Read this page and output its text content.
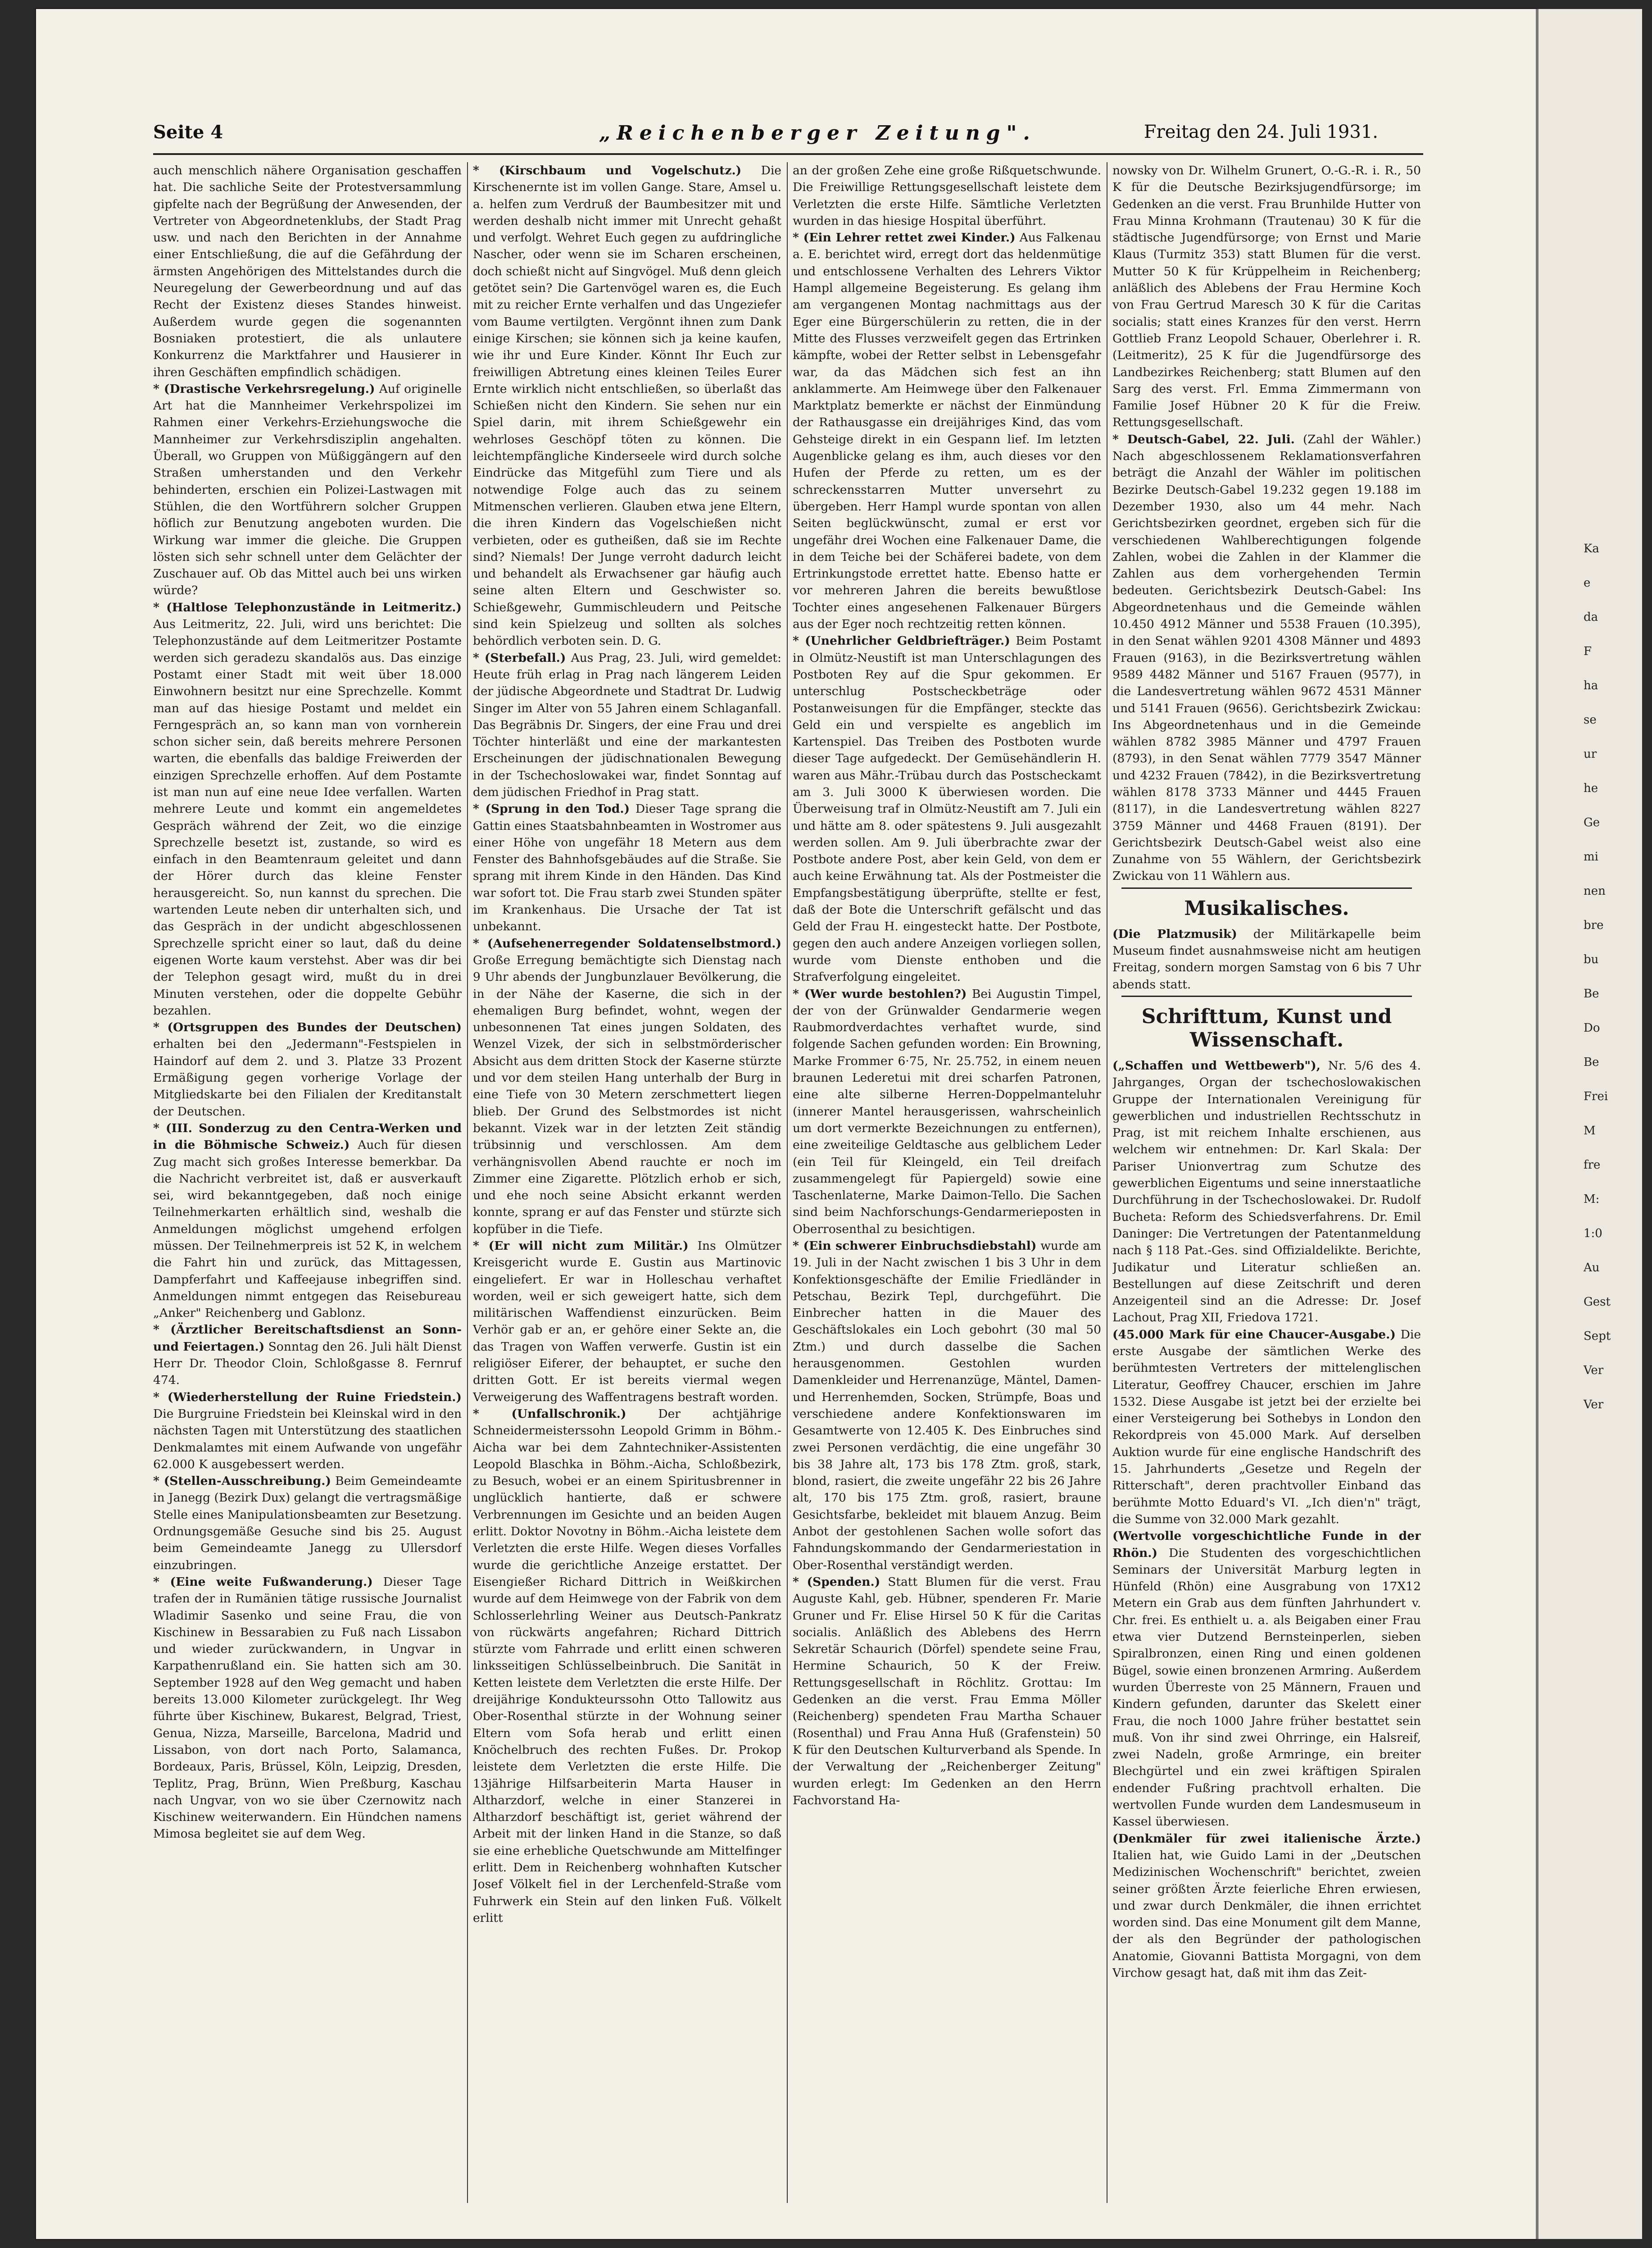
Seite 4	„Reichenberger Zeitung".	Freitag den 24. Juli 1931.

auch menschlich nähere Organisation geschaffen hat. Die sachliche Seite der Protestversammlung gipfelte nach der Begrüßung der Anwesenden, der Vertreter von Abgeordnetenklubs, der Stadt Prag usw. und nach den Berichten in der Annahme einer Entschließung, die auf die Gefährdung der ärmsten Angehörigen des Mittelstandes durch die Neuregelung der Gewerbeordnung und auf das Recht der Existenz dieses Standes hinweist. Außerdem wurde gegen die sogenannten Bosniaken protestiert, die als unlautere Konkurrenz die Marktfahrer und Hausierer in ihren Geschäften empfindlich schädigen.

* (Drastische Verkehrsregelung.) Auf originelle Art hat die Mannheimer Verkehrspolizei im Rahmen einer Verkehrs-Erziehungswoche die Mannheimer zur Verkehrsdisziplin angehalten. Überall, wo Gruppen von Müßiggängern auf den Straßen umherstanden und den Verkehr behinderten, erschien ein Polizei-Lastwagen mit Stühlen, die den Wortführern solcher Gruppen höflich zur Benutzung angeboten wurden. Die Wirkung war immer die gleiche. Die Gruppen lösten sich sehr schnell unter dem Gelächter der Zuschauer auf. Ob das Mittel auch bei uns wirken würde?

* (Haltlose Telephonzustände in Leitmeritz.) Aus Leitmeritz, 22. Juli, wird uns berichtet: Die Telephonzustände auf dem Leitmeritzer Postamte werden sich geradezu skandalös aus. Das einzige Postamt einer Stadt mit weit über 18.000 Einwohnern besitzt nur eine Sprechzelle. Kommt man auf das hiesige Postamt und meldet ein Ferngespräch an, so kann man von vornherein schon sicher sein, daß bereits mehrere Personen warten, die ebenfalls das baldige Freiwerden der einzigen Sprechzelle erhoffen. Auf dem Postamte ist man nun auf eine neue Idee verfallen. Warten mehrere Leute und kommt ein angemeldetes Gespräch während der Zeit, wo die einzige Sprechzelle besetzt ist, zustande, so wird es einfach in den Beamtenraum geleitet und dann der Hörer durch das kleine Fenster herausgereicht. So, nun kannst du sprechen. Die wartenden Leute neben dir unterhalten sich, und das Gespräch in der undicht abgeschlossenen Sprechzelle spricht einer so laut, daß du deine eigenen Worte kaum verstehst. Aber was dir bei der Telephon gesagt wird, mußt du in drei Minuten verstehen, oder die doppelte Gebühr bezahlen.

* (Ortsgruppen des Bundes der Deutschen) erhalten bei den „Jedermann"-Festspielen in Haindorf auf dem 2. und 3. Platze 33 Prozent Ermäßigung gegen vorherige Vorlage der Mitgliedskarte bei den Filialen der Kreditanstalt der Deutschen.

* (III. Sonderzug zu den Centra-Werken und in die Böhmische Schweiz.) Auch für diesen Zug macht sich großes Interesse bemerkbar. Da die Nachricht verbreitet ist, daß er ausverkauft sei, wird bekanntgegeben, daß noch einige Teilnehmerkarten erhältlich sind, weshalb die Anmeldungen möglichst umgehend erfolgen müssen. Der Teilnehmerpreis ist 52 K, in welchem die Fahrt hin und zurück, das Mittagessen, Dampferfahrt und Kaffeejause inbegriffen sind. Anmeldungen nimmt entgegen das Reisebureau „Anker" Reichenberg und Gablonz.

* (Ärztlicher Bereitschaftsdienst an Sonn- und Feiertagen.) Sonntag den 26. Juli hält Dienst Herr Dr. Theodor Cloin, Schloßgasse 8. Fernruf 474.

* (Wiederherstellung der Ruine Friedstein.) Die Burgruine Friedstein bei Kleinskal wird in den nächsten Tagen mit Unterstützung des staatlichen Denkmalamtes mit einem Aufwande von ungefähr 62.000 K ausgebessert werden.

* (Stellen-Ausschreibung.) Beim Gemeindeamte in Janegg (Bezirk Dux) gelangt die vertragsmäßige Stelle eines Manipulationsbeamten zur Besetzung. Ordnungsgemäße Gesuche sind bis 25. August beim Gemeindeamte Janegg zu Ullersdorf einzubringen.

* (Eine weite Fußwanderung.) Dieser Tage trafen der in Rumänien tätige russische Journalist Wladimir Sasenko und seine Frau, die von Kischinew in Bessarabien zu Fuß nach Lissabon und wieder zurückwandern, in Ungvar in Karpathenrußland ein. Sie hatten sich am 30. September 1928 auf den Weg gemacht und haben bereits 13.000 Kilometer zurückgelegt. Ihr Weg führte über Kischinew, Bukarest, Belgrad, Triest, Genua, Nizza, Marseille, Barcelona, Madrid und Lissabon, von dort nach Porto, Salamanca, Bordeaux, Paris, Brüssel, Köln, Leipzig, Dresden, Teplitz, Prag, Brünn, Wien Preßburg, Kaschau nach Ungvar, von wo sie über Czernowitz nach Kischinew weiterwandern. Ein Hündchen namens Mimosa begleitet sie auf dem Weg.

* (Kirschbaum und Vogelschutz.) Die Kirschenernte ist im vollen Gange. Stare, Amsel u. a. helfen zum Verdruß der Baumbesitzer mit und werden deshalb nicht immer mit Unrecht gehaßt und verfolgt. Wehret Euch gegen zu aufdringliche Nascher, oder wenn sie im Scharen erscheinen, doch schießt nicht auf Singvögel. Muß denn gleich getötet sein? Die Gartenvögel waren es, die Euch mit zu reicher Ernte verhalfen und das Ungeziefer vom Baume vertilgten. Vergönnt ihnen zum Dank einige Kirschen; sie können sich ja keine kaufen, wie ihr und Eure Kinder. Könnt Ihr Euch zur freiwilligen Abtretung eines kleinen Teiles Eurer Ernte wirklich nicht entschließen, so überlaßt das Schießen nicht den Kindern. Sie sehen nur ein Spiel darin, mit ihrem Schießgewehr ein wehrloses Geschöpf töten zu können. Die leichtempfängliche Kinderseele wird durch solche Eindrücke das Mitgefühl zum Tiere und als notwendige Folge auch das zu seinem Mitmenschen verlieren. Glauben etwa jene Eltern, die ihren Kindern das Vogelschießen nicht verbieten, oder es gutheißen, daß sie im Rechte sind? Niemals! Der Junge verroht dadurch leicht und behandelt als Erwachsener gar häufig auch seine alten Eltern und Geschwister so. Schießgewehr, Gummischleudern und Peitsche sind kein Spielzeug und sollten als solches behördlich verboten sein. D. G.

* (Sterbefall.) Aus Prag, 23. Juli, wird gemeldet: Heute früh erlag in Prag nach längerem Leiden der jüdische Abgeordnete und Stadtrat Dr. Ludwig Singer im Alter von 55 Jahren einem Schlaganfall. Das Begräbnis Dr. Singers, der eine Frau und drei Töchter hinterläßt und eine der markantesten Erscheinungen der jüdischnationalen Bewegung in der Tschechoslowakei war, findet Sonntag auf dem jüdischen Friedhof in Prag statt.

* (Sprung in den Tod.) Dieser Tage sprang die Gattin eines Staatsbahnbeamten in Wostromer aus einer Höhe von ungefähr 18 Metern aus dem Fenster des Bahnhofsgebäudes auf die Straße. Sie sprang mit ihrem Kinde in den Händen. Das Kind war sofort tot. Die Frau starb zwei Stunden später im Krankenhaus. Die Ursache der Tat ist unbekannt.

* (Aufsehenerregender Soldatenselbstmord.) Große Erregung bemächtigte sich Dienstag nach 9 Uhr abends der Jungbunzlauer Bevölkerung, die in der Nähe der Kaserne, die sich in der ehemaligen Burg befindet, wohnt, wegen der unbesonnenen Tat eines jungen Soldaten, des Wenzel Vizek, der sich in selbstmörderischer Absicht aus dem dritten Stock der Kaserne stürzte und vor dem steilen Hang unterhalb der Burg in eine Tiefe von 30 Metern zerschmettert liegen blieb. Der Grund des Selbstmordes ist nicht bekannt. Vizek war in der letzten Zeit ständig trübsinnig und verschlossen. Am dem verhängnisvollen Abend rauchte er noch im Zimmer eine Zigarette. Plötzlich erhob er sich, und ehe noch seine Absicht erkannt werden konnte, sprang er auf das Fenster und stürzte sich kopfüber in die Tiefe.

* (Er will nicht zum Militär.) Ins Olmützer Kreisgericht wurde E. Gustin aus Martinovic eingeliefert. Er war in Holleschau verhaftet worden, weil er sich geweigert hatte, sich dem militärischen Waffendienst einzurücken. Beim Verhör gab er an, er gehöre einer Sekte an, die das Tragen von Waffen verwerfe. Gustin ist ein religiöser Eiferer, der behauptet, er suche den dritten Gott. Er ist bereits viermal wegen Verweigerung des Waffentragens bestraft worden.

* (Unfallschronik.)	Der achtjährige Schneidermeisterssohn Leopold Grimm in Böhm.-Aicha war bei dem Zahntechniker-Assistenten Leopold Blaschka in Böhm.-Aicha, Schloßbezirk, zu Besuch, wobei er an einem Spiritusbrenner in unglücklich hantierte, daß er schwere Verbrennungen im Gesichte und an beiden Augen erlitt. Doktor Novotny in Böhm.-Aicha leistete dem Verletzten die erste Hilfe. Wegen dieses Vorfalles wurde die gerichtliche Anzeige erstattet. Der Eisengießer Richard Dittrich in Weißkirchen wurde auf dem Heimwege von der Fabrik von dem Schlosserlehrling Weiner aus Deutsch-Pankratz von rückwärts angefahren; Richard Dittrich stürzte vom Fahrrade und erlitt einen schweren linksseitigen Schlüsselbeinbruch. Die Sanität in Ketten leistete dem Verletzten die erste Hilfe. Der dreijährige Kondukteurssohn Otto Tallowitz aus Ober-Rosenthal stürzte in der Wohnung seiner Eltern vom Sofa herab und erlitt einen Knöchelbruch des rechten Fußes. Dr. Prokop leistete dem Verletzten die erste Hilfe. Die 13jährige Hilfsarbeiterin Marta Hauser in Altharzdorf, welche in einer Stanzerei in Altharzdorf beschäftigt ist, geriet während der Arbeit mit der linken Hand in die Stanze, so daß sie eine erhebliche Quetschwunde am Mittelfinger erlitt. Dem in Reichenberg wohnhaften Kutscher Josef Völkelt fiel in der Lerchenfeld-Straße vom Fuhrwerk ein Stein auf den linken Fuß. Völkelt erlitt

an der großen Zehe eine große Rißquetschwunde. Die Freiwillige Rettungsgesellschaft leistete dem Verletzten die erste Hilfe. Sämtliche Verletzten wurden in das hiesige Hospital überführt.

* (Ein Lehrer rettet zwei Kinder.) Aus Falkenau a. E. berichtet wird, erregt dort das heldenmütige und entschlossene Verhalten des Lehrers Viktor Hampl allgemeine Begeisterung. Es gelang ihm am vergangenen Montag nachmittags aus der Eger eine Bürgerschülerin zu retten, die in der Mitte des Flusses verzweifelt gegen das Ertrinken kämpfte, wobei der Retter selbst in Lebensgefahr war, da das Mädchen sich fest an ihn anklammerte. Am Heimwege über den Falkenauer Marktplatz bemerkte er nächst der Einmündung der Rathausgasse ein dreijähriges Kind, das vom Gehsteige direkt in ein Gespann lief. Im letzten Augenblicke gelang es ihm, auch dieses vor den Hufen der Pferde zu retten, um es der schreckensstarren Mutter unversehrt zu übergeben. Herr Hampl wurde spontan von allen Seiten beglückwünscht, zumal er erst vor ungefähr drei Wochen eine Falkenauer Dame, die in dem Teiche bei der Schäferei badete, von dem Ertrinkungstode errettet hatte. Ebenso hatte er vor mehreren Jahren die bereits bewußtlose Tochter eines angesehenen Falkenauer Bürgers aus der Eger noch rechtzeitig retten können.

* (Unehrlicher Geldbriefträger.) Beim Postamt in Olmütz-Neustift ist man Unterschlagungen des Postboten Rey auf die Spur gekommen. Er unterschlug Postscheckbeträge oder Postanweisungen für die Empfänger, steckte das Geld ein und verspielte es angeblich im Kartenspiel. Das Treiben des Postboten wurde dieser Tage aufgedeckt. Der Gemüsehändlerin H. waren aus Mähr.-Trübau durch das Postscheckamt am 3. Juli 3000 K überwiesen worden. Die Überweisung traf in Olmütz-Neustift am 7. Juli ein und hätte am 8. oder spätestens 9. Juli ausgezahlt werden sollen. Am 9. Juli überbrachte zwar der Postbote andere Post, aber kein Geld, von dem er auch keine Erwähnung tat. Als der Postmeister die Empfangsbestätigung überprüfte, stellte er fest, daß der Bote die Unterschrift gefälscht und das Geld der Frau H. eingesteckt hatte. Der Postbote, gegen den auch andere Anzeigen vorliegen sollen, wurde vom Dienste enthoben und die Strafverfolgung eingeleitet.

* (Wer wurde bestohlen?) Bei Augustin Timpel, der von der Grünwalder Gendarmerie wegen Raubmordverdachtes verhaftet wurde, sind folgende Sachen gefunden worden: Ein Browning, Marke Frommer 6·75, Nr. 25.752, in einem neuen braunen Lederetui mit drei scharfen Patronen, eine alte silberne Herren-Doppelmanteluhr (innerer Mantel herausgerissen, wahrscheinlich um dort vermerkte Bezeichnungen zu entfernen), eine zweiteilige Geldtasche aus gelblichem Leder (ein Teil für Kleingeld, ein Teil dreifach zusammengelegt für Papiergeld) sowie eine Taschenlaterne, Marke Daimon-Tello. Die Sachen sind beim Nachforschungs-Gendarmerieposten in Oberrosenthal zu besichtigen.

* (Ein schwerer Einbruchsdiebstahl) wurde am 19. Juli in der Nacht zwischen 1 bis 3 Uhr in dem Konfektionsgeschäfte der Emilie Friedländer in Petschau, Bezirk Tepl, durchgeführt. Die Einbrecher hatten in die Mauer des Geschäftslokales ein Loch gebohrt (30 mal 50 Ztm.) und durch dasselbe die Sachen herausgenommen. Gestohlen wurden Damenkleider und Herrenanzüge, Mäntel, Damen- und Herrenhemden, Socken, Strümpfe, Boas und verschiedene andere Konfektionswaren im Gesamtwerte von 12.405 K. Des Einbruches sind zwei Personen verdächtig, die eine ungefähr 30 bis 38 Jahre alt, 173 bis 178 Ztm. groß, stark, blond, rasiert, die zweite ungefähr 22 bis 26 Jahre alt, 170 bis 175 Ztm. groß, rasiert, braune Gesichtsfarbe, bekleidet mit blauem Anzug. Beim Anbot der gestohlenen Sachen wolle sofort das Fahndungskommando der Gendarmeriestation in Ober-Rosenthal verständigt werden.

* (Spenden.) Statt Blumen für die verst. Frau Auguste Kahl, geb. Hübner, spenderen Fr. Marie Gruner und Fr. Elise Hirsel 50 K für die Caritas socialis. Anläßlich des Ablebens des Herrn Sekretär Schaurich (Dörfel) spendete seine Frau, Hermine Schaurich, 50 K der Freiw. Rettungsgesellschaft in Röchlitz. Grottau: Im Gedenken an die verst. Frau Emma Möller (Reichenberg) spendeten Frau Martha Schauer (Rosenthal) und Frau Anna Huß (Grafenstein) 50 K für den Deutschen Kulturverband als Spende. In der Verwaltung der „Reichenberger Zeitung" wurden erlegt: Im Gedenken an den Herrn Fachvorstand Ha-

nowsky von Dr. Wilhelm Grunert, O.-G.-R. i. R., 50 K für die Deutsche Bezirksjugendfürsorge; im Gedenken an die verst. Frau Brunhilde Hutter von Frau Minna Krohmann (Trautenau) 30 K für die städtische Jugendfürsorge; von Ernst und Marie Klaus (Turmitz 353) statt Blumen für die verst. Mutter 50 K für Krüppelheim in Reichenberg; anläßlich des Ablebens der Frau Hermine Koch von Frau Gertrud Maresch 30 K für die Caritas socialis; statt eines Kranzes für den verst. Herrn Gottlieb Franz Leopold Schauer, Oberlehrer i. R. (Leitmeritz), 25 K für die Jugendfürsorge des Landbezirkes Reichenberg; statt Blumen auf den Sarg des verst. Frl. Emma Zimmermann von Familie Josef Hübner 20 K für die Freiw. Rettungsgesellschaft.

* Deutsch-Gabel, 22. Juli. (Zahl der Wähler.) Nach abgeschlossenem Reklamationsverfahren beträgt die Anzahl der Wähler im politischen Bezirke Deutsch-Gabel 19.232 gegen 19.188 im Dezember 1930, also um 44 mehr. Nach Gerichtsbezirken geordnet, ergeben sich für die verschiedenen Wahlberechtigungen folgende Zahlen, wobei die Zahlen in der Klammer die Zahlen aus dem vorhergehenden Termin bedeuten. Gerichtsbezirk Deutsch-Gabel: Ins Abgeordnetenhaus und die Gemeinde wählen 10.450 4912 Männer und 5538 Frauen (10.395), in den Senat wählen 9201 4308 Männer und 4893 Frauen (9163), in die Bezirksvertretung wählen 9589 4482 Männer und 5167 Frauen (9577), in die Landesvertretung wählen 9672 4531 Männer und 5141 Frauen (9656). Gerichtsbezirk Zwickau: Ins Abgeordnetenhaus und in die Gemeinde wählen 8782 3985 Männer und 4797 Frauen (8793), in den Senat wählen 7779 3547 Männer und 4232 Frauen (7842), in die Bezirksvertretung wählen 8178 3733 Männer und 4445 Frauen (8117), in die Landesvertretung wählen 8227 3759 Männer und 4468 Frauen (8191). Der Gerichtsbezirk Deutsch-Gabel weist also eine Zunahme von 55 Wählern, der Gerichtsbezirk Zwickau von 11 Wählern aus.

Musikalisches.

(Die Platzmusik) der Militärkapelle beim Museum findet ausnahmsweise nicht am heutigen Freitag, sondern morgen Samstag von 6 bis 7 Uhr abends statt.

Schrifttum, Kunst und Wissenschaft.

(„Schaffen und Wettbewerb"), Nr. 5/6 des 4. Jahrganges, Organ der tschechoslowakischen Gruppe der Internationalen Vereinigung für gewerblichen und industriellen Rechtsschutz in Prag, ist mit reichem Inhalte erschienen, aus welchem wir entnehmen: Dr. Karl Skala: Der Pariser Unionvertrag zum Schutze des gewerblichen Eigentums und seine innerstaatliche Durchführung in der Tschechoslowakei. Dr. Rudolf Bucheta: Reform des Schiedsverfahrens. Dr. Emil Daninger: Die Vertretungen der Patentanmeldung nach § 118 Pat.-Ges. sind Offizialdelikte. Berichte, Judikatur und Literatur schließen an. Bestellungen auf diese Zeitschrift und deren Anzeigenteil sind an die Adresse: Dr. Josef Lachout, Prag XII, Friedova 1721.

(45.000 Mark für eine Chaucer-Ausgabe.) Die erste Ausgabe der sämtlichen Werke des berühmtesten Vertreters der mittelenglischen Literatur, Geoffrey Chaucer, erschien im Jahre 1532. Diese Ausgabe ist jetzt bei der erzielte bei einer Versteigerung bei Sothebys in London den Rekordpreis von 45.000 Mark. Auf derselben Auktion wurde für eine englische Handschrift des 15. Jahrhunderts „Gesetze und Regeln der Ritterschaft", deren prachtvoller Einband das berühmte Motto Eduard's VI. „Ich dien'n" trägt, die Summe von 32.000 Mark gezahlt.

(Wertvolle vorgeschichtliche Funde in der Rhön.) Die Studenten des vorgeschichtlichen Seminars der Universität Marburg legten in Hünfeld (Rhön) eine Ausgrabung von 17X12 Metern ein Grab aus dem fünften Jahrhundert v. Chr. frei. Es enthielt u. a. als Beigaben einer Frau etwa vier Dutzend Bernsteinperlen, sieben Spiralbronzen, einen Ring und einen goldenen Bügel, sowie einen bronzenen Armring. Außerdem wurden Überreste von 25 Männern, Frauen und Kindern gefunden, darunter das Skelett einer Frau, die noch 1000 Jahre früher bestattet sein muß. Von ihr sind zwei Ohrringe, ein Halsreif, zwei Nadeln, große Armringe, ein breiter Blechgürtel und ein zwei kräftigen Spiralen endender Fußring prachtvoll erhalten. Die wertvollen Funde wurden dem Landesmuseum in Kassel überwiesen.

(Denkmäler für zwei italienische Ärzte.) Italien hat, wie Guido Lami in der „Deutschen Medizinischen Wochenschrift" berichtet, zweien seiner größten Ärzte feierliche Ehren erwiesen, und zwar durch Denkmäler, die ihnen errichtet worden sind. Das eine Monument gilt dem Manne, der als den Begründer der pathologischen Anatomie, Giovanni Battista Morgagni, von dem Virchow gesagt hat, daß mit ihm das Zeit-

Ka
e
da
F
ha
se
ur
he
Ge
mi
nen
bre
bu
Be
Do
Be
Frei
M
fre
M:
1:0
Au
Gest
Sept
Ver
Ver
